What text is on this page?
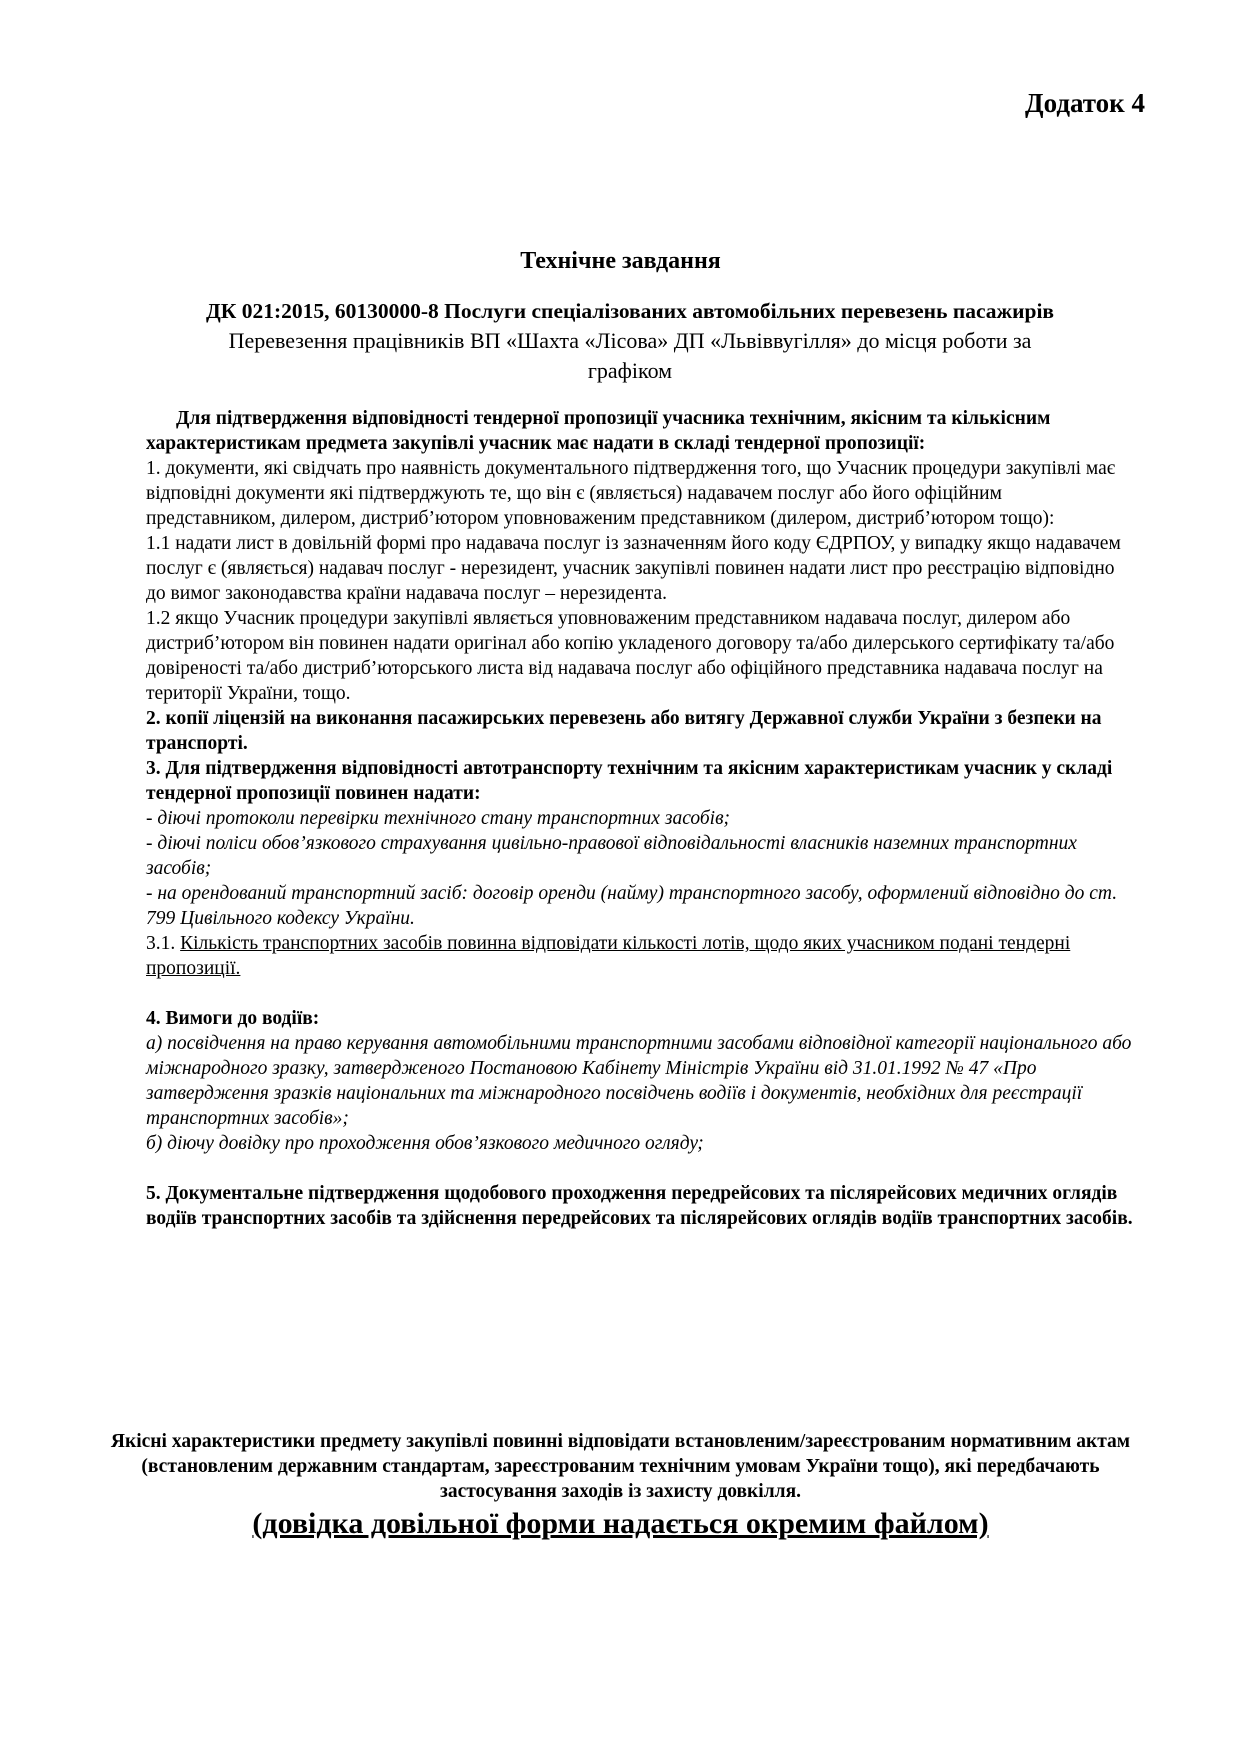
Додаток 4

Технічне завдання

ДК 021:2015, 60130000-8 Послуги спеціалізованих автомобільних перевезень пасажирів
Перевезення працівників ВП «Шахта «Лісова» ДП «Львіввугілля» до місця роботи за
графіком

Для підтвердження відповідності тендерної пропозиції учасника технічним, якісним та кількісним характеристикам предмета закупівлі учасник має надати в складі тендерної пропозиції:

1. документи, які свідчать про наявність документального підтвердження того, що Учасник процедури закупівлі має відповідні документи які підтверджують те, що він є (являється) надавачем послуг або його офіційним представником, дилером, дистриб’ютором уповноваженим представником (дилером, дистриб’ютором тощо):

1.1 надати лист в довільній формі про надавача послуг із зазначенням його коду ЄДРПОУ, у випадку якщо надавачем послуг є (являється) надавач послуг - нерезидент, учасник закупівлі повинен надати лист про реєстрацію відповідно до вимог законодавства країни надавача послуг – нерезидента.

1.2 якщо Учасник процедури закупівлі являється уповноваженим представником надавача послуг, дилером або дистриб’ютором він повинен надати оригінал або копію укладеного договору та/або дилерського сертифікату та/або довіреності та/або дистриб’юторського листа від надавача послуг або офіційного представника надавача послуг на території України, тощо.

2. копії ліцензій на виконання пасажирських перевезень або витягу Державної служби України з безпеки на транспорті.

3. Для підтвердження відповідності автотранспорту технічним та якісним характеристикам учасник у складі тендерної пропозиції повинен надати:

- діючі протоколи перевірки технічного стану транспортних засобів;

- діючі поліси обов’язкового страхування цивільно-правової відповідальності власників наземних транспортних засобів;

- на орендований транспортний засіб: договір оренди (найму) транспортного засобу, оформлений відповідно до ст. 799 Цивільного кодексу України.

3.1. Кількість транспортних засобів повинна відповідати кількості лотів, щодо яких учасником подані тендерні пропозиції.

4. Вимоги до водіїв:

а) посвідчення на право керування автомобільними транспортними засобами відповідної категорії національного або міжнародного зразку, затвердженого Постановою Кабінету Міністрів України від 31.01.1992 № 47 «Про затвердження зразків національних та міжнародного посвідчень водіїв і документів, необхідних для реєстрації транспортних засобів»;

б) діючу довідку про проходження обов’язкового медичного огляду;

5. Документальне підтвердження щодобового проходження передрейсових та післярейсових медичних оглядів водіїв транспортних засобів та здійснення передрейсових та післярейсових оглядів водіїв транспортних засобів.

Якісні характеристики предмету закупівлі повинні відповідати встановленим/зареєстрованим нормативним актам (встановленим державним стандартам, зареєстрованим технічним умовам України тощо), які передбачають застосування заходів із захисту довкілля.

(довідка довільної форми надається окремим файлом)
